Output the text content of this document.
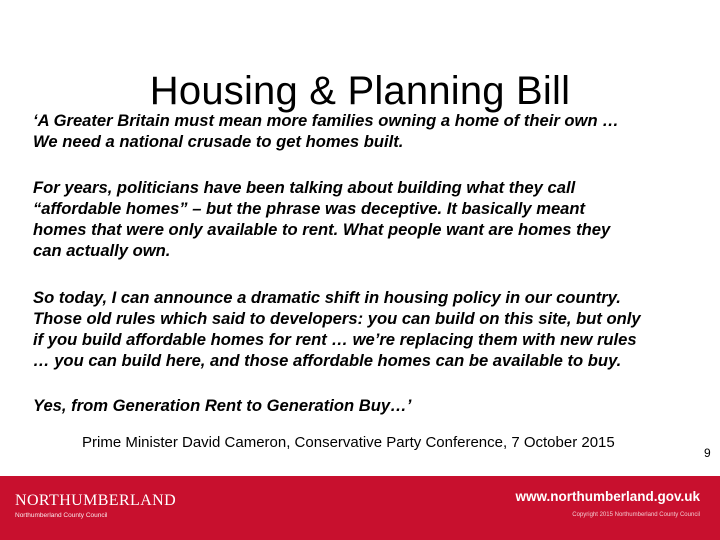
Housing & Planning Bill

‘A Greater Britain must mean more families owning a home of their own …
We need a national crusade to get homes built.

For years, politicians have been talking about building what they call
“affordable homes” – but the phrase was deceptive. It basically meant
homes that were only available to rent. What people want are homes they
can actually own.

So today, I can announce a dramatic shift in housing policy in our country.
Those old rules which said to developers: you can build on this site, but only
if you build affordable homes for rent … we’re replacing them with new rules
… you can build here, and those affordable homes can be available to buy.

Yes, from Generation Rent to Generation Buy…’

Prime Minister David Cameron, Conservative Party Conference, 7 October 2015
9
NORTHUMBERLAND
Northumberland County Council
www.northumberland.gov.uk
Copyright 2015 Northumberland County Council
